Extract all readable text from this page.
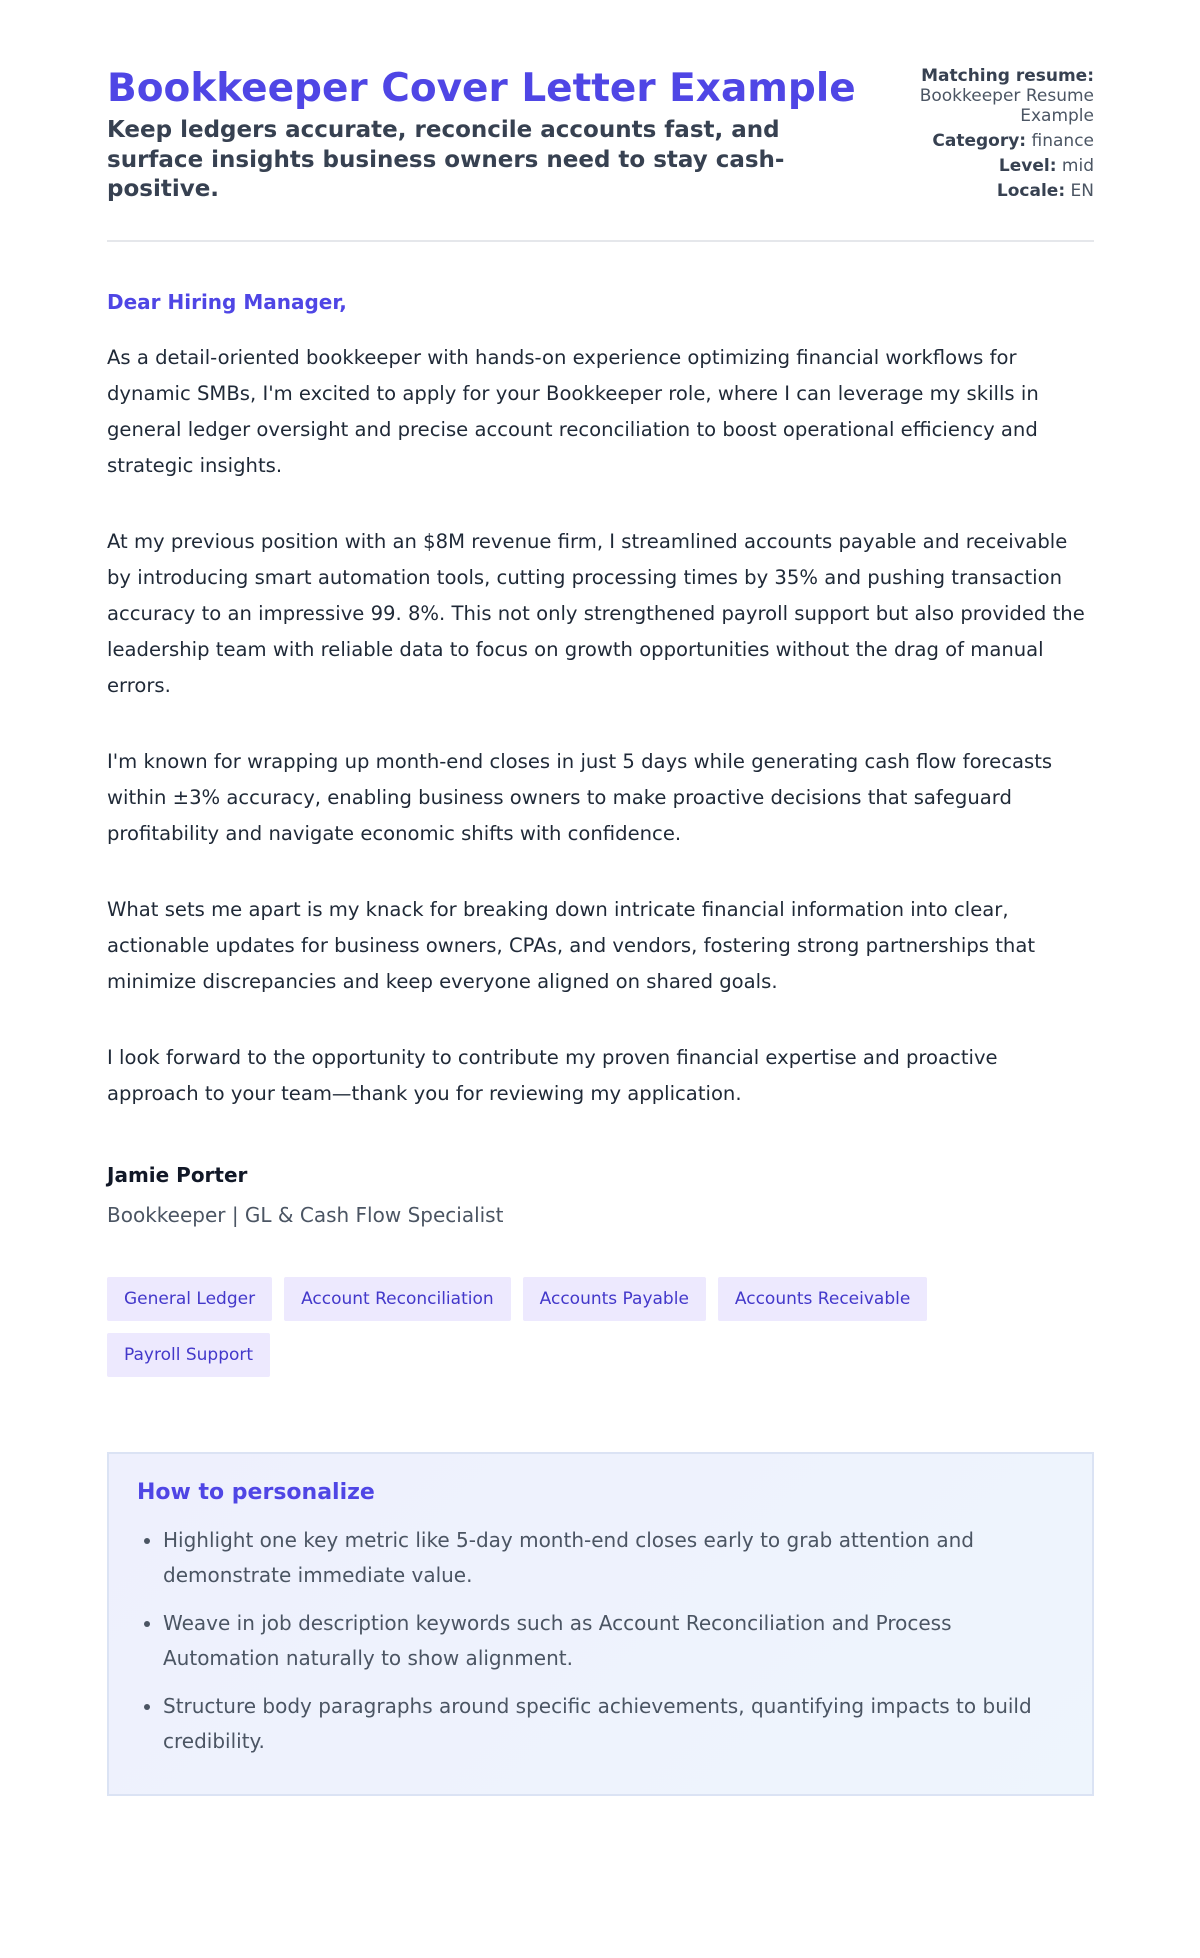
Bookkeeper Cover Letter Example

Keep ledgers accurate, reconcile accounts fast, and surface insights business owners need to stay cash-positive.

Matching resume:
Bookkeeper Resume Example
Category: finance
Level: mid
Locale: EN
Dear Hiring Manager,

As a detail-oriented bookkeeper with hands-on experience optimizing financial workflows for dynamic SMBs, I'm excited to apply for your Bookkeeper role, where I can leverage my skills in general ledger oversight and precise account reconciliation to boost operational efficiency and strategic insights.

At my previous position with an $8M revenue firm, I streamlined accounts payable and receivable by introducing smart automation tools, cutting processing times by 35% and pushing transaction accuracy to an impressive 99. 8%. This not only strengthened payroll support but also provided the leadership team with reliable data to focus on growth opportunities without the drag of manual errors.

I'm known for wrapping up month-end closes in just 5 days while generating cash flow forecasts within ±3% accuracy, enabling business owners to make proactive decisions that safeguard profitability and navigate economic shifts with confidence.

What sets me apart is my knack for breaking down intricate financial information into clear, actionable updates for business owners, CPAs, and vendors, fostering strong partnerships that minimize discrepancies and keep everyone aligned on shared goals.

I look forward to the opportunity to contribute my proven financial expertise and proactive approach to your team—thank you for reviewing my application.

Jamie Porter
Bookkeeper | GL & Cash Flow Specialist
General Ledger	Account Reconciliation	Accounts Payable	Accounts Receivable
Payroll Support
How to personalize
• Highlight one key metric like 5-day month-end closes early to grab attention and demonstrate immediate value.
• Weave in job description keywords such as Account Reconciliation and Process Automation naturally to show alignment.
• Structure body paragraphs around specific achievements, quantifying impacts to build credibility.
